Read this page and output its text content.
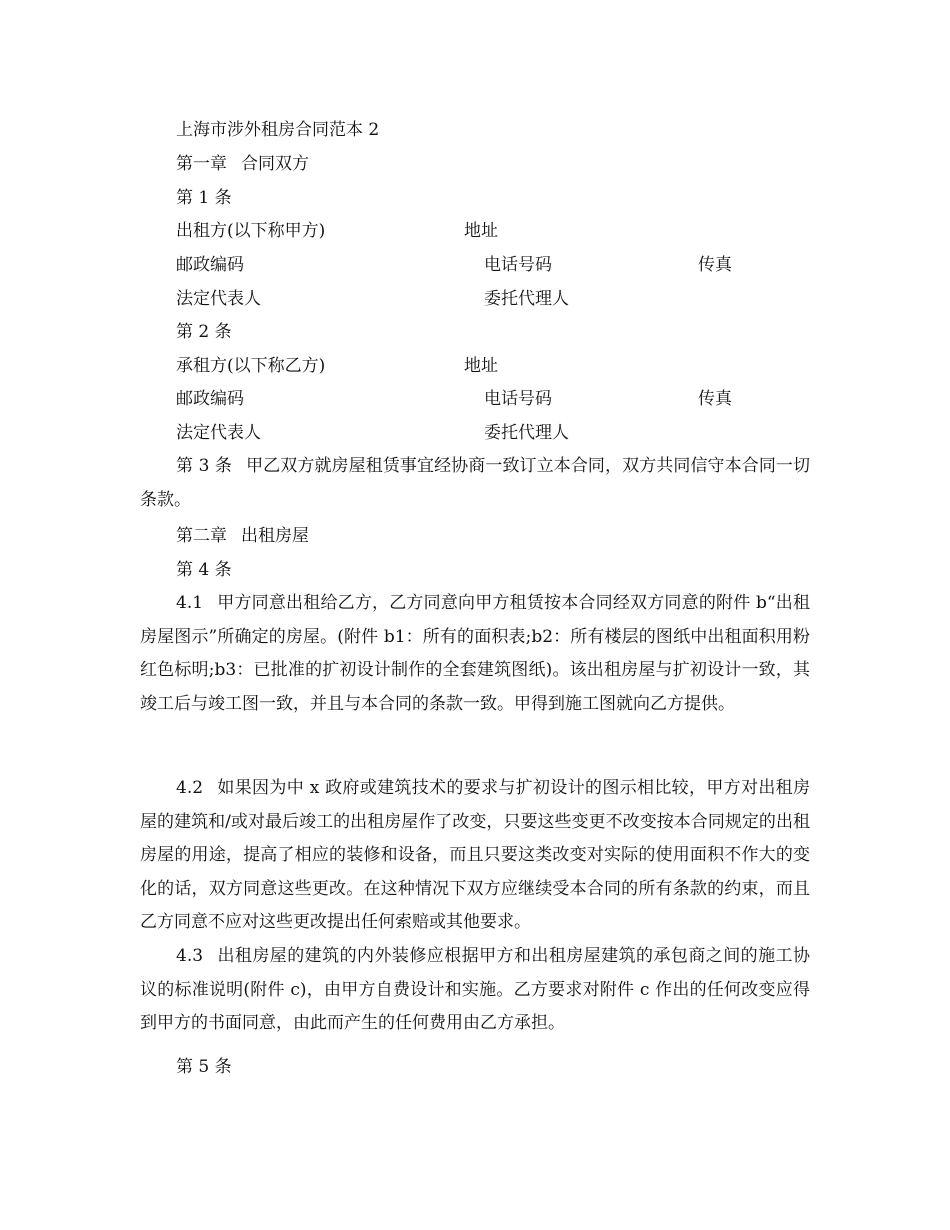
上海市涉外租房合同范本 2
第一章 合同双方
第 1 条
出租方(以下称甲方)	地址
邮政编码	电话号码	传真
法定代表人	委托代理人
第 2 条
承租方(以下称乙方)	地址
邮政编码	电话号码	传真
法定代表人	委托代理人

第 3 条 甲乙双方就房屋租赁事宜经协商一致订立本合同，双方共同信守本合同一切条款。

第二章 出租房屋
第 4 条

4.1 甲方同意出租给乙方，乙方同意向甲方租赁按本合同经双方同意的附件 b“出租房屋图示”所确定的房屋。(附件 b1：所有的面积表;b2：所有楼层的图纸中出租面积用粉红色标明;b3：已批准的扩初设计制作的全套建筑图纸)。该出租房屋与扩初设计一致，其竣工后与竣工图一致，并且与本合同的条款一致。甲得到施工图就向乙方提供。

4.2 如果因为中 x 政府或建筑技术的要求与扩初设计的图示相比较，甲方对出租房屋的建筑和/或对最后竣工的出租房屋作了改变，只要这些变更不改变按本合同规定的出租房屋的用途，提高了相应的装修和设备，而且只要这类改变对实际的使用面积不作大的变化的话，双方同意这些更改。在这种情况下双方应继续受本合同的所有条款的约束，而且乙方同意不应对这些更改提出任何索赔或其他要求。

4.3 出租房屋的建筑的内外装修应根据甲方和出租房屋建筑的承包商之间的施工协议的标准说明(附件 c)，由甲方自费设计和实施。乙方要求对附件 c 作出的任何改变应得到甲方的书面同意，由此而产生的任何费用由乙方承担。

第 5 条
